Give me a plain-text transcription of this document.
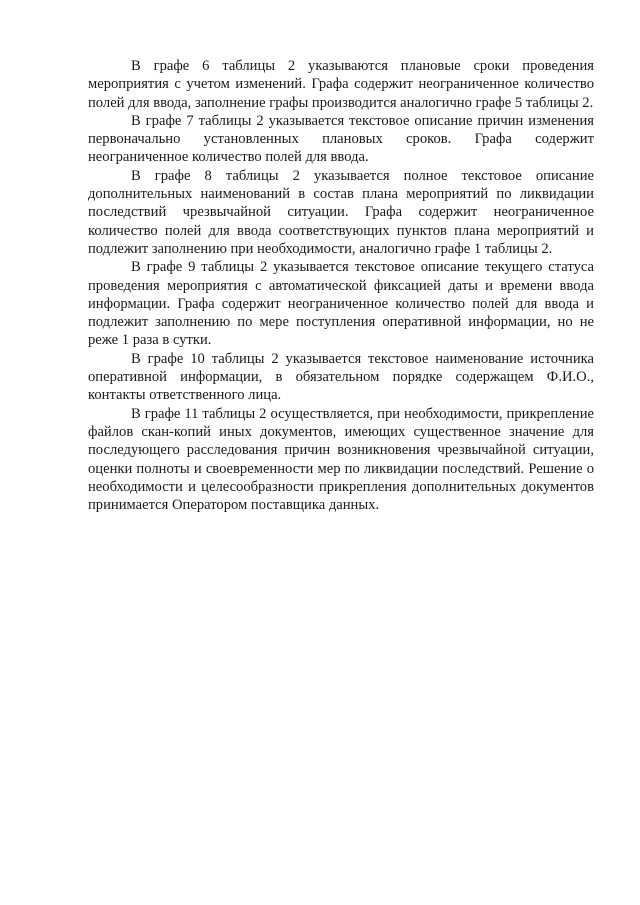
В графе 6 таблицы 2 указываются плановые сроки проведения мероприятия с учетом изменений. Графа содержит неограниченное количество полей для ввода, заполнение графы производится аналогично графе 5 таблицы 2.

В графе 7 таблицы 2 указывается текстовое описание причин изменения первоначально установленных плановых сроков. Графа содержит неограниченное количество полей для ввода.

В графе 8 таблицы 2 указывается полное текстовое описание дополнительных наименований в состав плана мероприятий по ликвидации последствий чрезвычайной ситуации. Графа содержит неограниченное количество полей для ввода соответствующих пунктов плана мероприятий и подлежит заполнению при необходимости, аналогично графе 1 таблицы 2.

В графе 9 таблицы 2 указывается текстовое описание текущего статуса проведения мероприятия с автоматической фиксацией даты и времени ввода информации. Графа содержит неограниченное количество полей для ввода и подлежит заполнению по мере поступления оперативной информации, но не реже 1 раза в сутки.

В графе 10 таблицы 2 указывается текстовое наименование источника оперативной информации, в обязательном порядке содержащем Ф.И.О., контакты ответственного лица.

В графе 11 таблицы 2 осуществляется, при необходимости, прикрепление файлов скан-копий иных документов, имеющих существенное значение для последующего расследования причин возникновения чрезвычайной ситуации, оценки полноты и своевременности мер по ликвидации последствий. Решение о необходимости и целесообразности прикрепления дополнительных документов принимается Оператором поставщика данных.
